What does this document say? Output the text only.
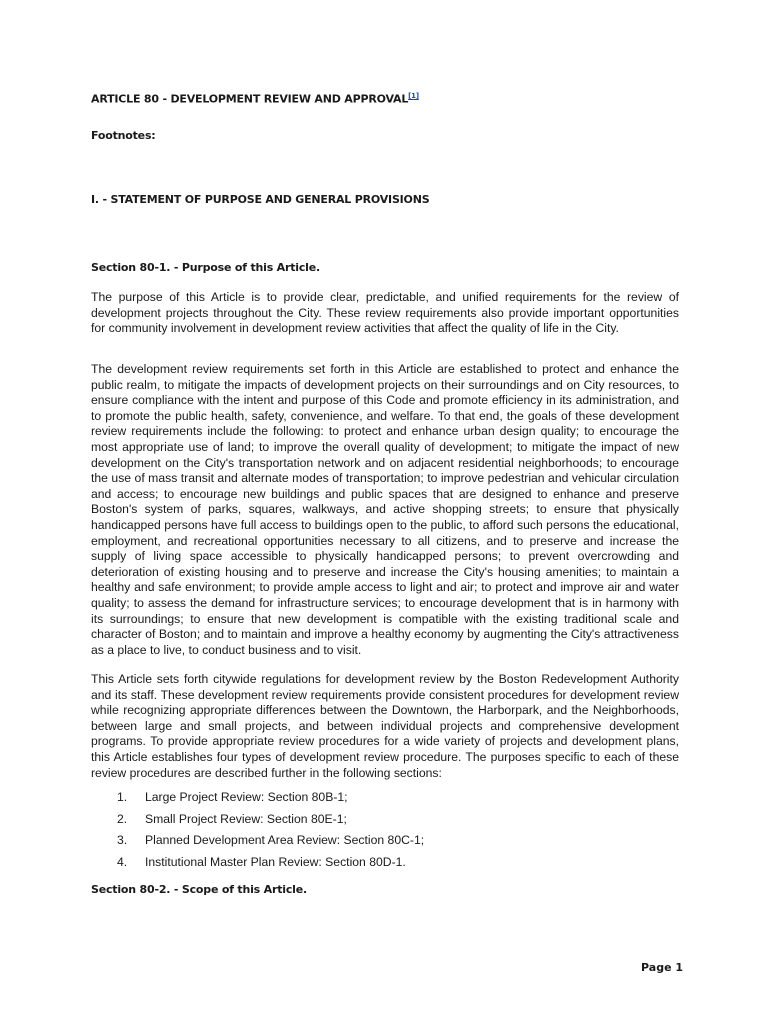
ARTICLE 80 - DEVELOPMENT REVIEW AND APPROVAL[1]

Footnotes:

I. - STATEMENT OF PURPOSE AND GENERAL PROVISIONS
Section 80-1. - Purpose of this Article.

The purpose of this Article is to provide clear, predictable, and unified requirements for the review of development projects throughout the City. These review requirements also provide important opportunities for community involvement in development review activities that affect the quality of life in the City.

The development review requirements set forth in this Article are established to protect and enhance the public realm, to mitigate the impacts of development projects on their surroundings and on City resources, to ensure compliance with the intent and purpose of this Code and promote efficiency in its administration, and to promote the public health, safety, convenience, and welfare. To that end, the goals of these development review requirements include the following: to protect and enhance urban design quality; to encourage the most appropriate use of land; to improve the overall quality of development; to mitigate the impact of new development on the City's transportation network and on adjacent residential neighborhoods; to encourage the use of mass transit and alternate modes of transportation; to improve pedestrian and vehicular circulation and access; to encourage new buildings and public spaces that are designed to enhance and preserve Boston's system of parks, squares, walkways, and active shopping streets; to ensure that physically handicapped persons have full access to buildings open to the public, to afford such persons the educational, employment, and recreational opportunities necessary to all citizens, and to preserve and increase the supply of living space accessible to physically handicapped persons; to prevent overcrowding and deterioration of existing housing and to preserve and increase the City's housing amenities; to maintain a healthy and safe environment; to provide ample access to light and air; to protect and improve air and water quality; to assess the demand for infrastructure services; to encourage development that is in harmony with its surroundings; to ensure that new development is compatible with the existing traditional scale and character of Boston; and to maintain and improve a healthy economy by augmenting the City's attractiveness as a place to live, to conduct business and to visit.

This Article sets forth citywide regulations for development review by the Boston Redevelopment Authority and its staff. These development review requirements provide consistent procedures for development review while recognizing appropriate differences between the Downtown, the Harborpark, and the Neighborhoods, between large and small projects, and between individual projects and comprehensive development programs. To provide appropriate review procedures for a wide variety of projects and development plans, this Article establishes four types of development review procedure. The purposes specific to each of these review procedures are described further in the following sections:

1. Large Project Review: Section 80B-1;
2. Small Project Review: Section 80E-1;
3. Planned Development Area Review: Section 80C-1;
4. Institutional Master Plan Review: Section 80D-1.
Section 80-2. - Scope of this Article.
Page 1
